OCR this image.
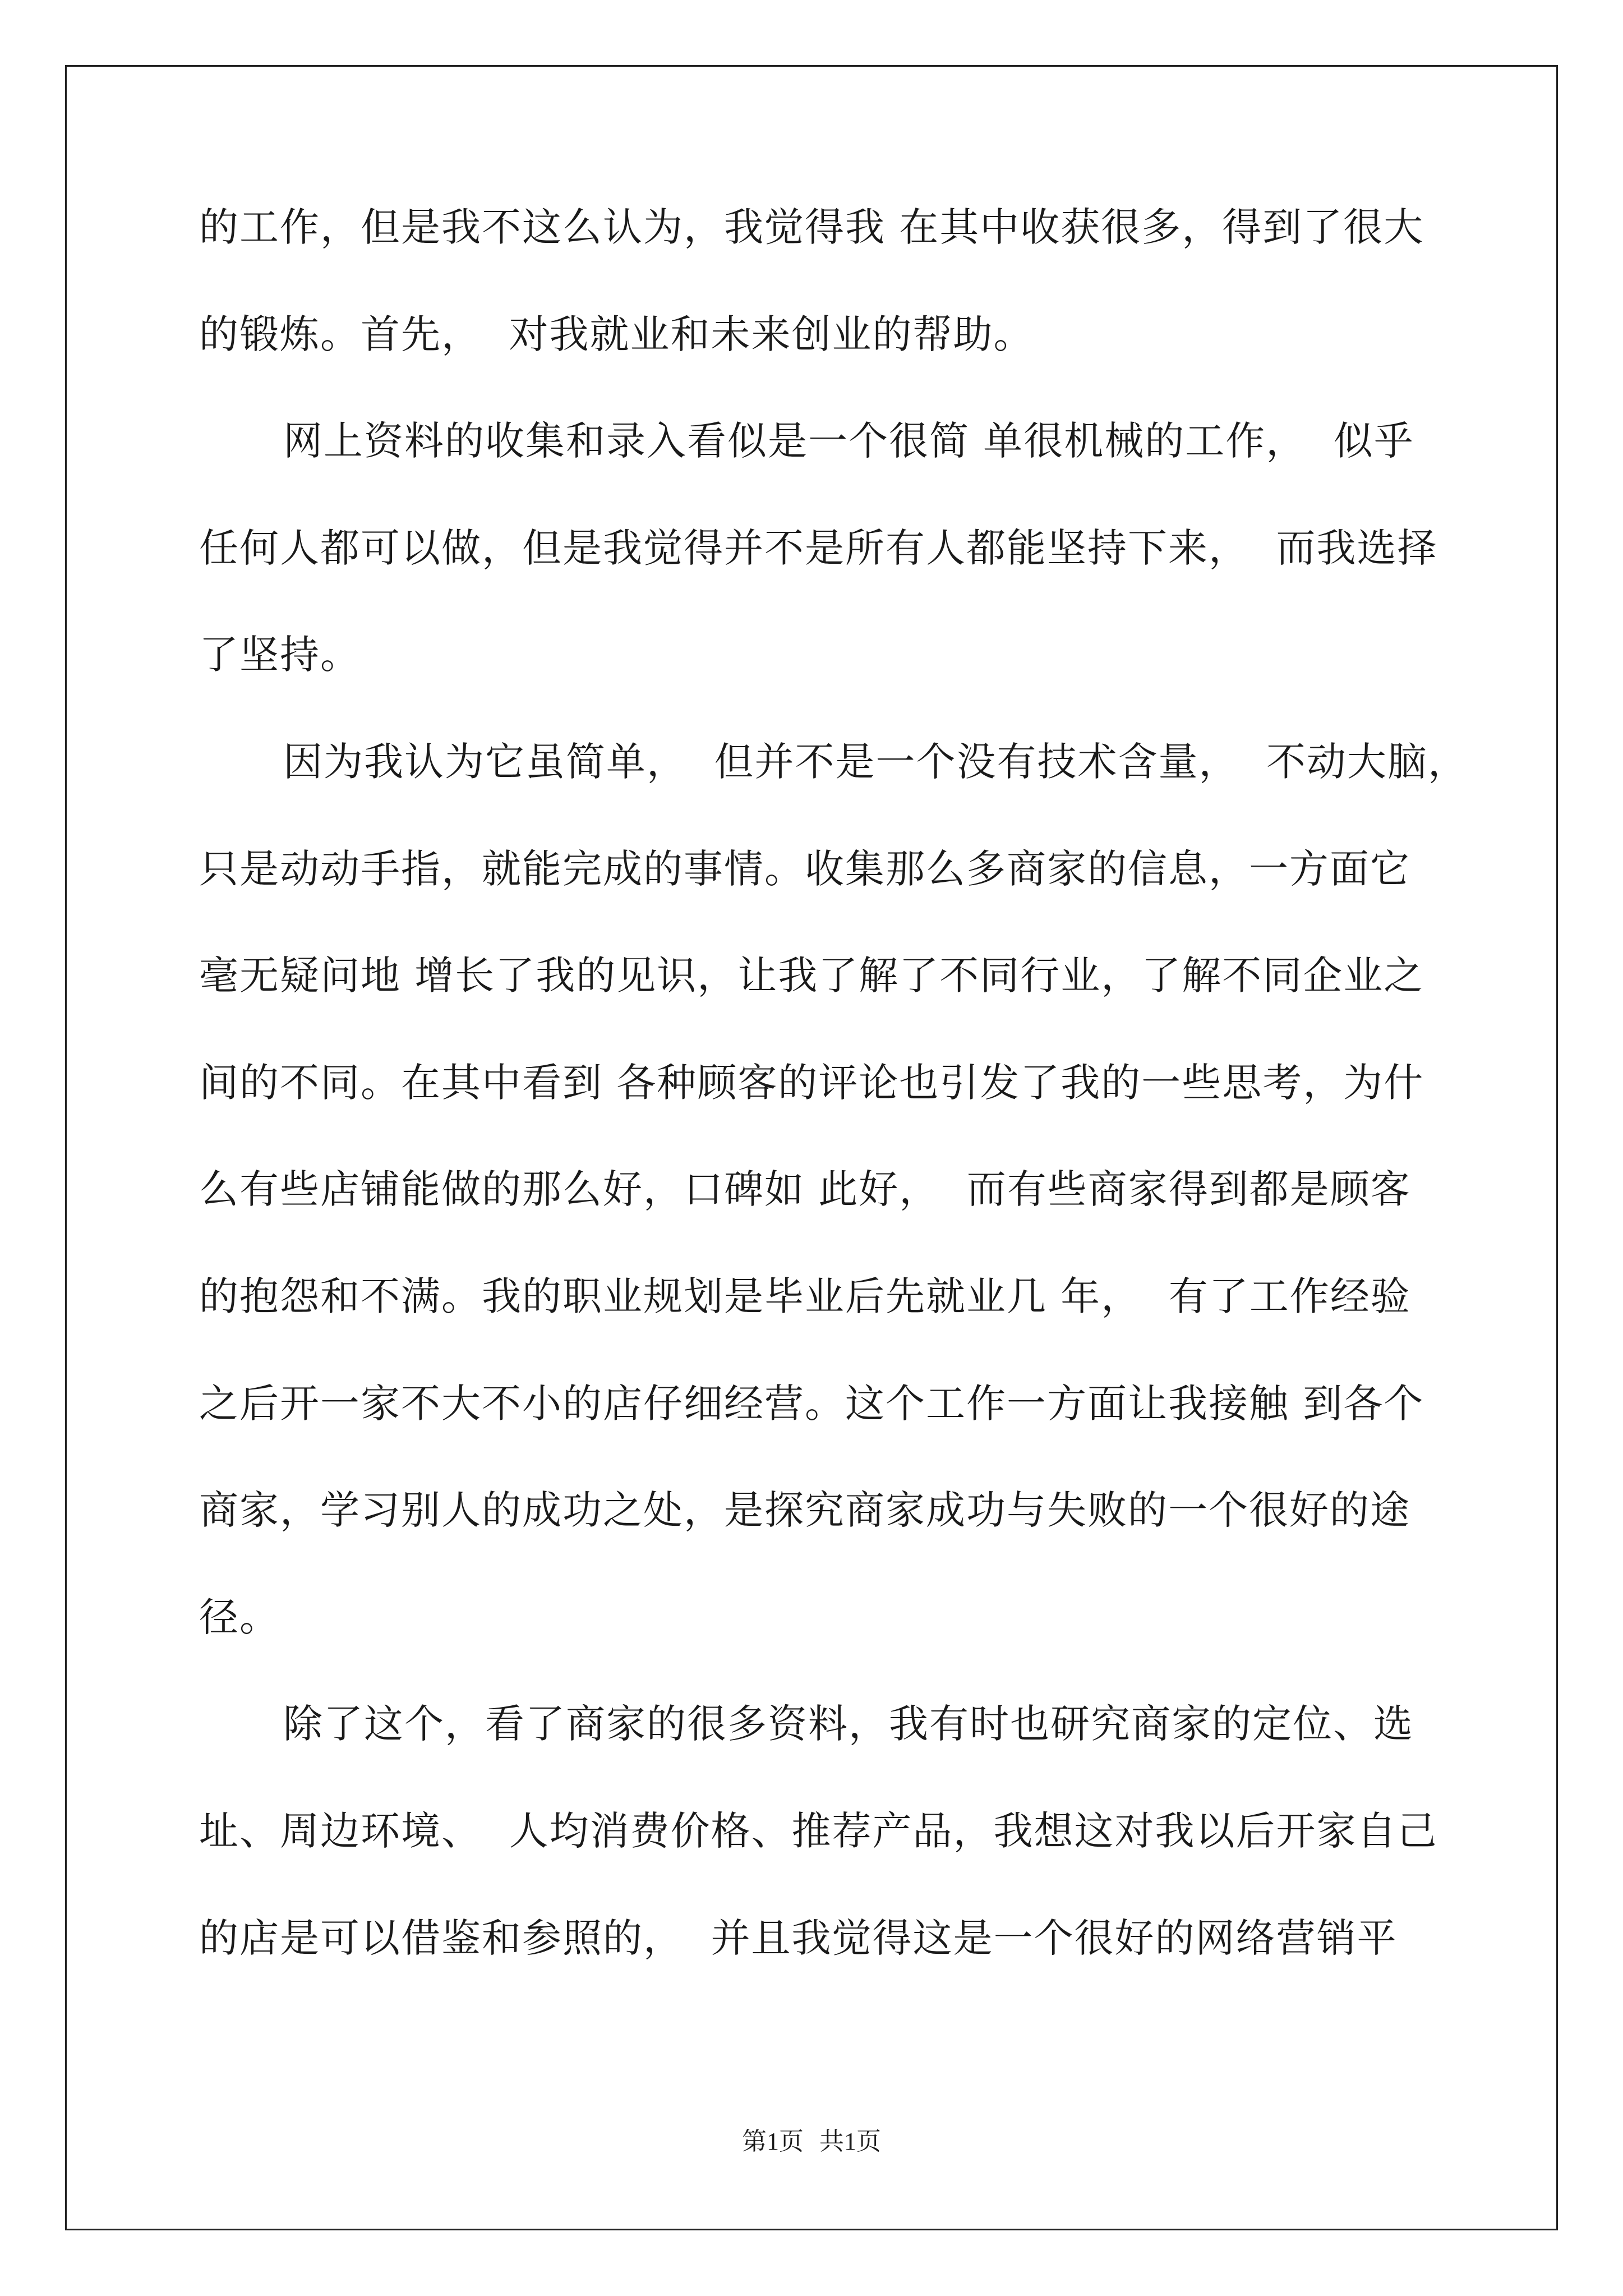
的工作，但是我不这么认为，我觉得我 在其中收获很多，得到了很大
的锻炼。首先，  对我就业和未来创业的帮助。
网上资料的收集和录入看似是一个很简 单很机械的工作，  似乎
任何人都可以做，但是我觉得并不是所有人都能坚持下来，  而我选择
了坚持。
因为我认为它虽简单，  但并不是一个没有技术含量，  不动大脑，
只是动动手指，就能完成的事情。收集那么多商家的信息，一方面它
毫无疑问地 增长了我的见识，让我了解了不同行业，了解不同企业之
间的不同。在其中看到 各种顾客的评论也引发了我的一些思考，为什
么有些店铺能做的那么好，口碑如 此好，  而有些商家得到都是顾客
的抱怨和不满。我的职业规划是毕业后先就业几 年，  有了工作经验
之后开一家不大不小的店仔细经营。这个工作一方面让我接触 到各个
商家，学习别人的成功之处，是探究商家成功与失败的一个很好的途
径。
除了这个，看了商家的很多资料，我有时也研究商家的定位、选
址、周边环境、  人均消费价格、推荐产品，我想这对我以后开家自己
的店是可以借鉴和参照的，  并且我觉得这是一个很好的网络营销平
第1页 共1页
